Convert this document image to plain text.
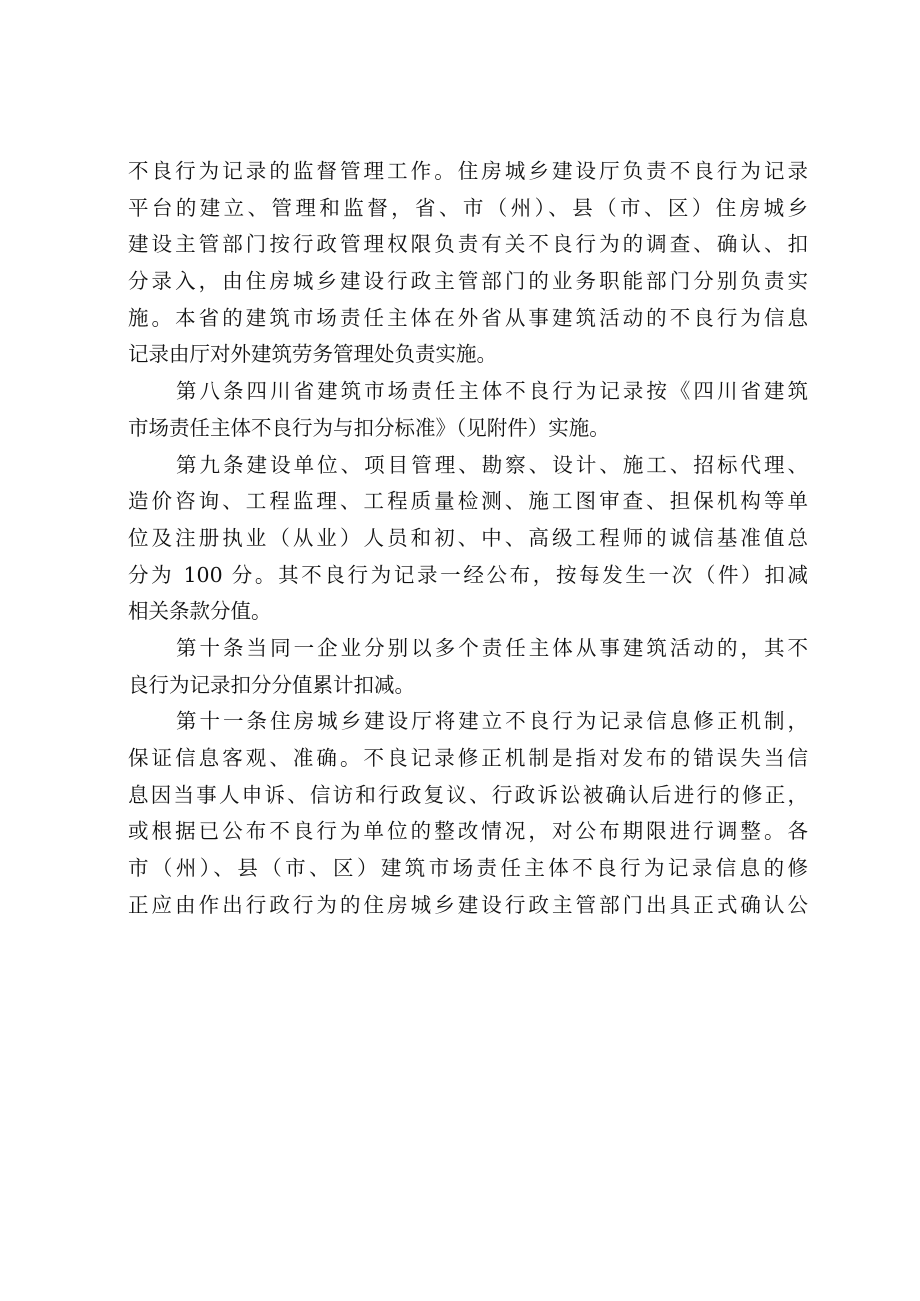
不良行为记录的监督管理工作。住房城乡建设厅负责不良行为记录
平台的建立、管理和监督，省、市（州）、县（市、区）住房城乡
建设主管部门按行政管理权限负责有关不良行为的调查、确认、扣
分录入，由住房城乡建设行政主管部门的业务职能部门分别负责实
施。本省的建筑市场责任主体在外省从事建筑活动的不良行为信息
记录由厅对外建筑劳务管理处负责实施。
第八条四川省建筑市场责任主体不良行为记录按《四川省建筑
市场责任主体不良行为与扣分标准》（见附件）实施。
第九条建设单位、项目管理、勘察、设计、施工、招标代理、
造价咨询、工程监理、工程质量检测、施工图审查、担保机构等单
位及注册执业（从业）人员和初、中、高级工程师的诚信基准值总
分为 100 分。其不良行为记录一经公布，按每发生一次（件）扣减
相关条款分值。
第十条当同一企业分别以多个责任主体从事建筑活动的，其不
良行为记录扣分分值累计扣减。
第十一条住房城乡建设厅将建立不良行为记录信息修正机制，
保证信息客观、准确。不良记录修正机制是指对发布的错误失当信
息因当事人申诉、信访和行政复议、行政诉讼被确认后进行的修正，
或根据已公布不良行为单位的整改情况，对公布期限进行调整。各
市（州）、县（市、区）建筑市场责任主体不良行为记录信息的修
正应由作出行政行为的住房城乡建设行政主管部门出具正式确认公
